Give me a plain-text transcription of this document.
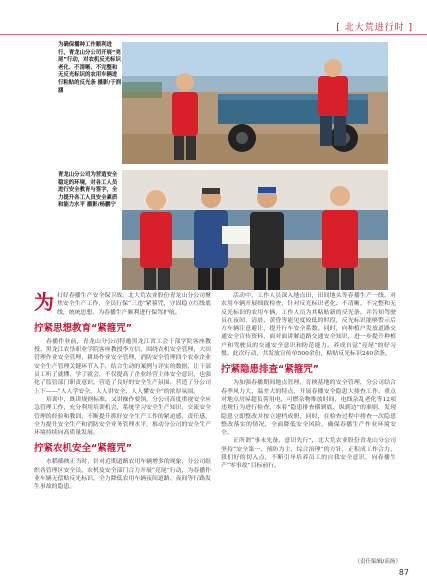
[ 北大荒进行时 ]
为确保播种工作顺利进行，青龙山分公司开展“亮尾”行动，对农机反光标识老化、不清晰、不完整和无反光标识的农用车辆进行粘贴的反光条 摄影/于润涵
青龙山分公司为营造安全稳定的环境，对各工人员进行安全教育与签字，全力提升各工人员安全素质和能力水平 摄影/杨鹏宁

为打好春播生产安全保卫战，北大荒农业股份青龙山分公司聚焦安全生产工作，全员行保“三违”紧箍咒，守固稳立红线底线，统统思想，为春播生产顺利进行保驾护航。

拧紧思想教育“紧箍咒”

春播作业前，青龙山分公司特邀黑龙江省工会干部学院客座教授、黑龙江农垦职业学院客座教授李方信，围绕农机安全管理、大田管理作业安全管理、耕场作业安全管理、消防安全管理四个农业企业安全生产管理关键环节入手，结合生动的案例与详实的数据，让干部员工听了就懂、学了就会，不仅提高了企业经营主体安全意识，也强化了监管部门职责意识，营造了良好的安全生产氛围，营造了分公司上下——“人人学安全、人人讲安全、人人懂安全”的浓厚氛围。

培训中，既讲规则标准，又讲操作要领，分公司高度重视安全应急管理工作，充分利用培训机会，系统学习安全生产知识，交流安全管理的经验和教训，不断提升抓好安全生产工作的紧迫感、责任感，全力提升安全生产和消防安全业务管理水平，推动分公司的安全生产环境持续向高质量发展。

拧紧农机安全“紧箍咒”

水稻插秧正当时，针对近期道路农用车辆增多的现象，分公司组织各管理区安全员、农机及安全部门合力开展“亮尾”行动，为春播作业车辆无偿贴反光标识，全力降低农用车辆夜间道路、夜间等行路发生事故的隐患。

活动中，工作人员深入地点田，田间地头等春播生产一线，对农用车辆开展细致检查，针对反光标识老化、不清晰、不完整和无反光标识的农用车辆，工作人员为其粘贴新的反光条，并告知驾驶员在夜间、清晨、黄昏等能见度较低的时段，反光标识能够警示后方车辆注意避让，提升行车安全系数。同时，向种植户发放道路交通安全宣传资料，面对面讲解道路交通安全知识，进一步提升种植户和驾驶员的交通安全意识和防范能力，养成自觉“亮尾”的好习惯。此次行动，共发放宣传单500余份，粘贴反光标识240余条。

拧紧隐患排查“紧箍咒”

为加强春播期间地点管理，育秧基地的安全管理，分公司结合春季风力大、温差大的特点，开展春播安全隐患大排查工作。重点对地点房屋超负荷用电，可燃杂物堆放时间，电线杂乱老化等12项违规行为进行检查，本着“隐患排查横到底、纵到边”的准则，发现隐患立即整改并按立建档成册，同时，在检查过程中排查一次隐患整改落实的情况，全面降低安全风险，确保春播生产作业环境安全。

正所谓“事未先备，意识先行”，北大荒农业股份青龙山分公司坚持“安全第一、预防为主、综合治理”的方针，正积成工作合力，我们好的切入点，不断引导培养员工的自我安全意识，向春播生产“零事故”目标前行。

（责任编辑/高扬）
87
